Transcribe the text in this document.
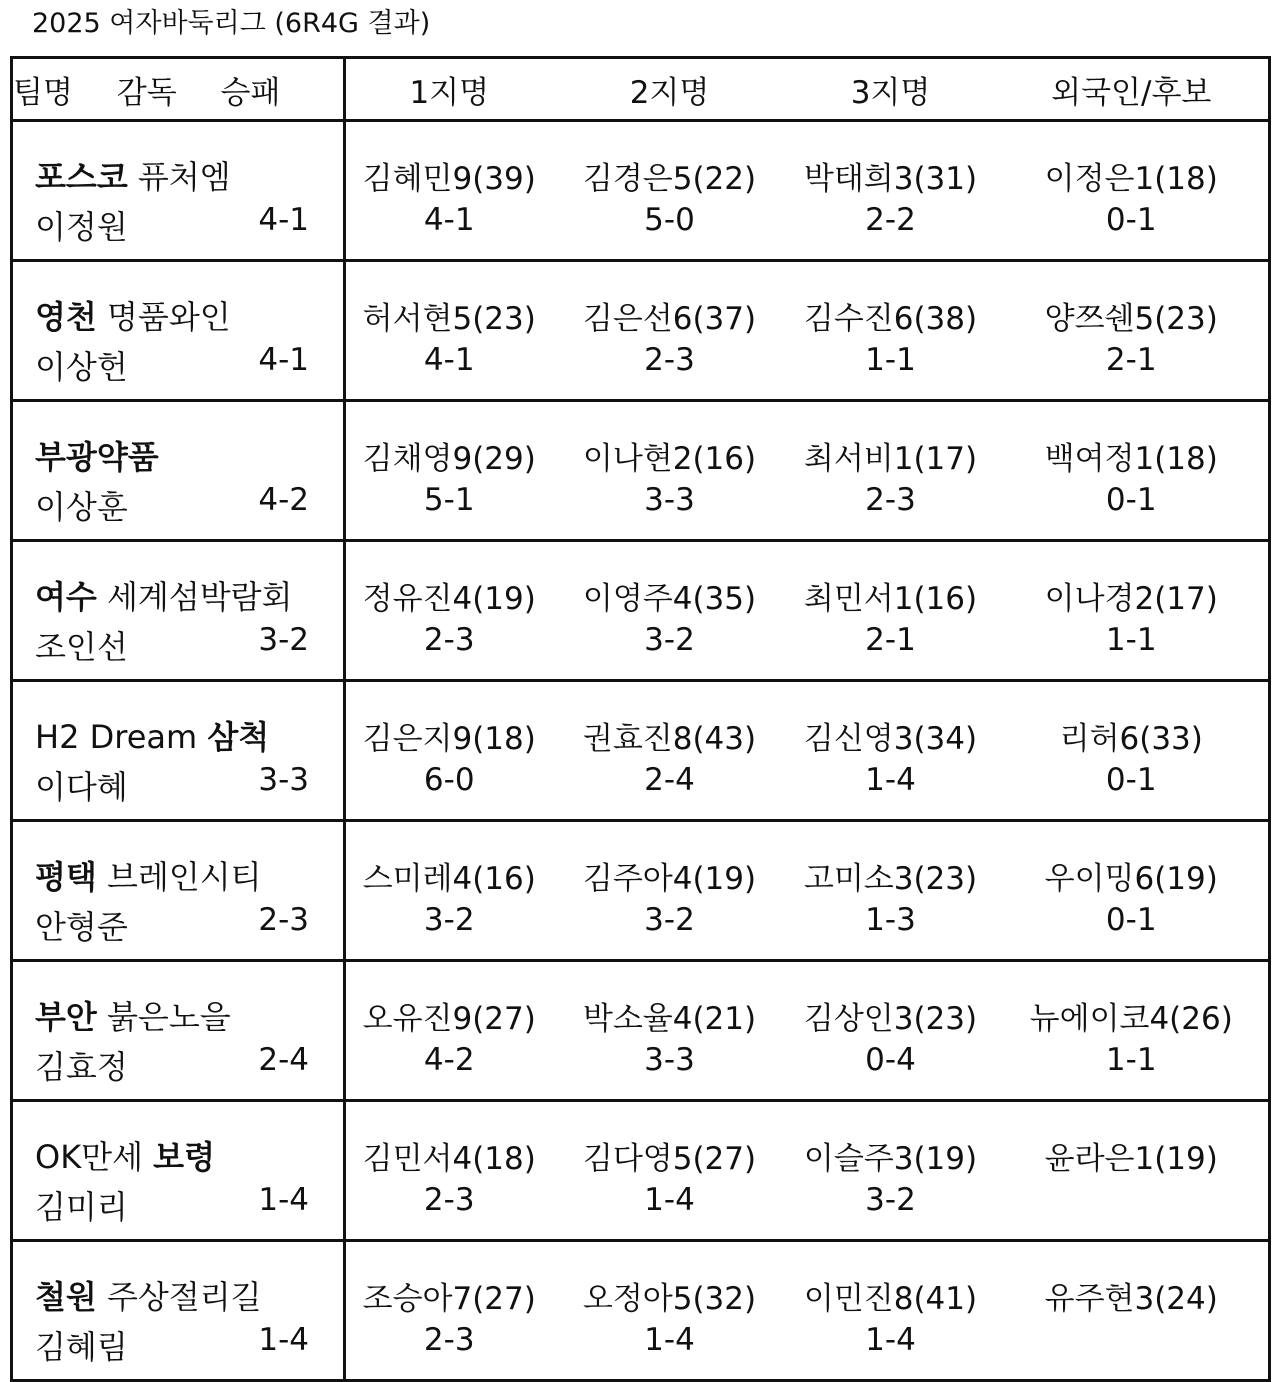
2025 여자바둑리그 (6R4G 결과)
팀명 감독 승패	1지명	2지명	3지명	외국인/후보

포스코 퓨처엠	김혜민9(39)	김경은5(22)	박태희3(31)	이정은1(18)

이정원 4-1	4-1	5-0	2-2	0-1

영천 명품와인	허서현5(23)	김은선6(37)	김수진6(38)	양쯔쉔5(23)

이상헌 4-1	4-1	2-3	1-1	2-1

부광약품	김채영9(29)	이나현2(16)	최서비1(17)	백여정1(18)

이상훈 4-2	5-1	3-3	2-3	0-1

여수 세계섬박람회	정유진4(19)	이영주4(35)	최민서1(16)	이나경2(17)

조인선 3-2	2-3	3-2	2-1	1-1

H2 Dream 삼척	김은지9(18)	권효진8(43)	김신영3(34)	리허6(33)

이다혜 3-3	6-0	2-4	1-4	0-1

평택 브레인시티	스미레4(16)	김주아4(19)	고미소3(23)	우이밍6(19)

안형준 2-3	3-2	3-2	1-3	0-1

부안 붉은노을	오유진9(27)	박소율4(21)	김상인3(23)	뉴에이코4(26)

김효정 2-4	4-2	3-3	0-4	1-1

OK만세 보령	김민서4(18)	김다영5(27)	이슬주3(19)	윤라은1(19)

김미리 1-4	2-3	1-4	3-2	

철원 주상절리길	조승아7(27)	오정아5(32)	이민진8(41)	유주현3(24)

김혜림 1-4	2-3	1-4	1-4	
